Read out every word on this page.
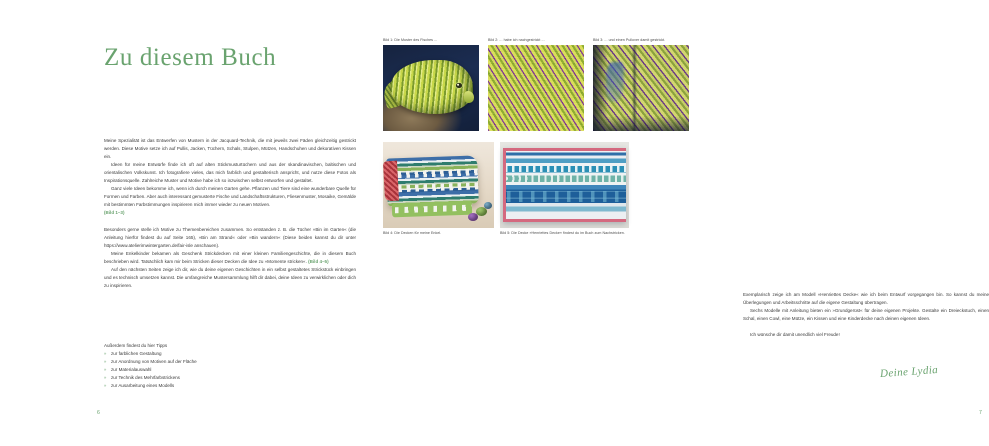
Zu diesem Buch

Meine Spezialität ist das Entwerfen von Mustern in der Jacquard-Technik, die mit jeweils zwei Fäden gleichzeitig gestrickt werden. Diese Motive setze ich auf Pullis, Jacken, Tüchern, Schals, Stulpen, Mützen, Handschuhen und dekorativen Kissen ein.

Ideen für meine Entwürfe finde ich oft auf alten Stickmusturtüchern und aus der skandinavischen, baltischen und orientalischen Volkskunst. Ich fotografiere vieles, das mich farblich und gestalterisch anspricht, und nutze diese Fotos als Inspirationsquelle. Zahlreiche Muster und Motive habe ich so inzwischen selbst entworfen und gestaltet.

Ganz viele Ideen bekomme ich, wenn ich durch meinen Garten gehe. Pflanzen und Tiere sind eine wunderbare Quelle für Formen und Farben. Aber auch interessant gemusterte Fische und Landschaftsstrukturen, Fliesenmuster, Mosaike, Gemälde mit bestimmten Farbstimmungen inspirieren mich immer wieder zu neuen Motiven.

(Bild 1–3)

Besonders gerne stelle ich Motive zu Themenbereichen zusammen. So entstanden z. B. die Tücher »Bin im Garten« (die Anleitung hierfür findest du auf Seite 165), »Bin am Strand« oder »Bin wandern« (Diese beiden kannst du dir unter https://www.atelierimwintergarten.de/fair-isle anschauen).

Meine Enkelkinder bekamen als Geschenk Strickdecken mit einer kleinen Familiengeschichte, die in diesem Buch beschrieben wird. Tatsächlich kam mir beim Stricken dieser Decken die Idee zu »Momente stricken«. (Bild 4–5)

Auf den nächsten Seiten zeige ich dir, wie du deine eigenen Geschichten in ein selbst gestaltetes Strickstück einbringen und es technisch umsetzen kannst. Die umfangreiche Mustersammlung hilft dir dabei, deine Ideen zu verwirklichen oder dich zu inspirieren.

Außerdem findest du hier Tipps

» zur farblichen Gestaltung
» zur Anordnung von Motiven auf der Fläche
» zur Materialauswahl
» zur Technik des Mehrfarbstrickens
» zur Ausarbeitung eines Modells
6

Exemplarisch zeige ich am Modell »Henriettes Decke« wie ich beim Entwurf vorgegangen bin. So kannst du meine Überlegungen und Arbeitsschritte auf die eigene Gestaltung übertragen.

Sechs Modelle mit Anleitung bieten ein »Grundgerüst« für deine eigenen Projekte. Gestalte ein Dreieckstuch, einen Schal, einen Cowl, eine Mütze, ein Kissen und eine Kinderdecke nach deinen eigenen Ideen.

Ich wünsche dir damit unendlich viel Freude!

Deine Lydia
7
Bild 1: Die Muster des Fisches ...	Bild 2: ... habe ich nachgestrickt ...	Bild 3: ... und einen Pullover damit gestrickt.
Bild 4: Die Decken für meine Enkel.	Bild 5: Die Decke »Henriettes Decke« findest du im Buch zum Nachstricken.
